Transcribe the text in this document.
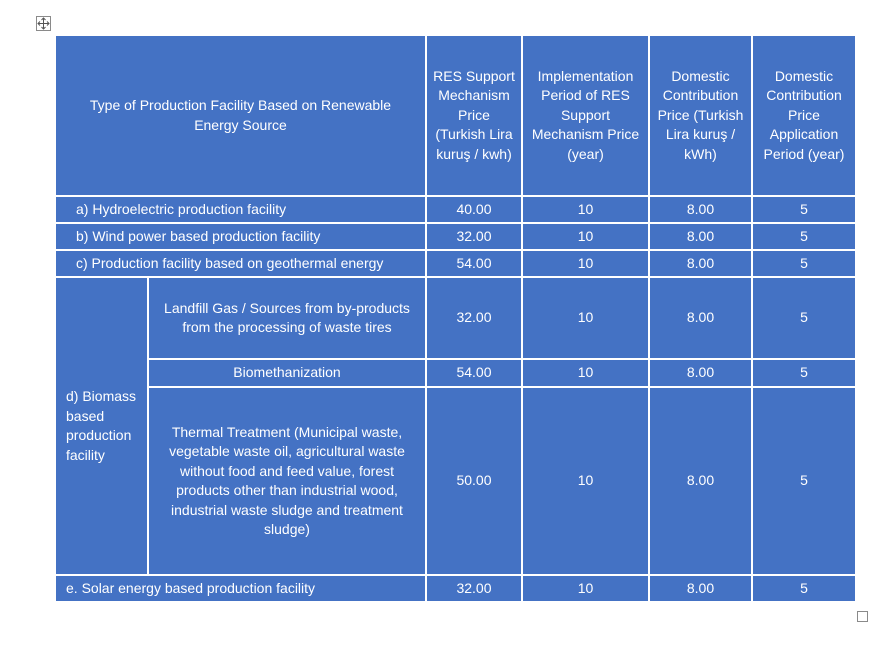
Type of Production Facility Based on Renewable Energy Source		RES Support Mechanism Price (Turkish Lira kuruş / kwh)	Implementation Period of RES Support Mechanism Price (year)	Domestic Contribution Price (Turkish Lira kuruş / kWh)	Domestic Contribution Price Application Period (year)
a) Hydroelectric production facility		40.00	10	8.00	5
b) Wind power based production facility		32.00	10	8.00	5
c) Production facility based on geothermal energy		54.00	10	8.00	5
d) Biomass based production facility	Landfill Gas / Sources from by-products from the processing of waste tires	32.00	10	8.00	5
	Biomethanization	54.00	10	8.00	5
	Thermal Treatment (Municipal waste, vegetable waste oil, agricultural waste without food and feed value, forest products other than industrial wood, industrial waste sludge and treatment sludge)	50.00	10	8.00	5
e. Solar energy based production facility		32.00	10	8.00	5
